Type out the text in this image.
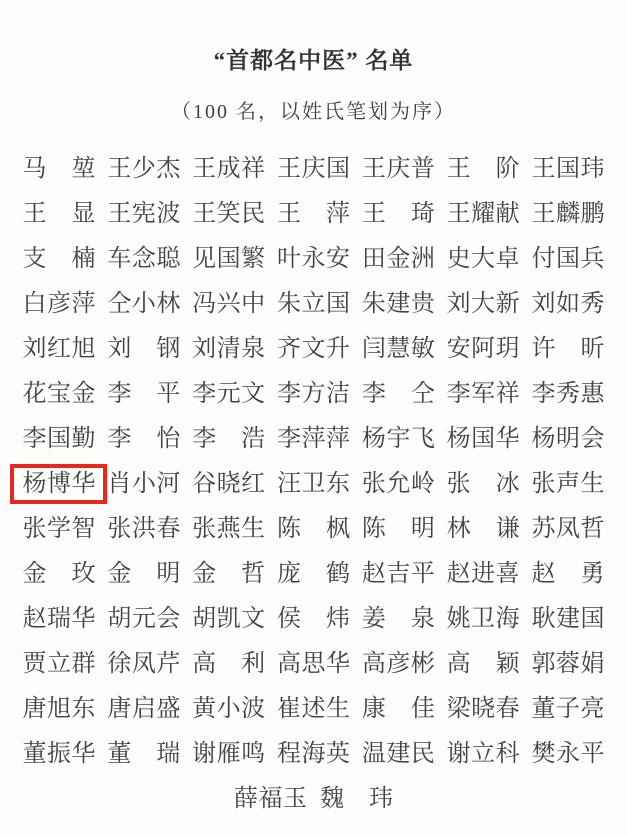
“首都名中医” 名单
（100 名，以姓氏笔划为序）
马 堃 王 少 杰 王 成 祥 王 庆 国 王 庆 普 王 阶 王 国 玮
王 显 王 宪 波 王 笑 民 王 萍 王 琦 王 耀 献 王 麟 鹏
支 楠 车 念 聪 见 国 繁 叶 永 安 田 金 洲 史 大 卓 付 国 兵
白 彦 萍 仝 小 林 冯 兴 中 朱 立 国 朱 建 贵 刘 大 新 刘 如 秀
刘 红 旭 刘 钢 刘 清 泉 齐 文 升 闫 慧 敏 安 阿 玥 许 昕
花 宝 金 李 平 李 元 文 李 方 洁 李 仝 李 军 祥 李 秀 惠
李 国 勤 李 怡 李 浩 李 萍 萍 杨 宇 飞 杨 国 华 杨 明 会
杨 博 华 肖 小 河 谷 晓 红 汪 卫 东 张 允 岭 张 冰 张 声 生
张 学 智 张 洪 春 张 燕 生 陈 枫 陈 明 林 谦 苏 凤 哲
金 玫 金 明 金 哲 庞 鹤 赵 吉 平 赵 进 喜 赵 勇
赵 瑞 华 胡 元 会 胡 凯 文 侯 炜 姜 泉 姚 卫 海 耿 建 国
贾 立 群 徐 凤 芹 高 利 高 思 华 高 彦 彬 高 颖 郭 蓉 娟
唐 旭 东 唐 启 盛 黄 小 波 崔 述 生 康 佳 梁 晓 春 董 子 亮
董 振 华 董 瑞 谢 雁 鸣 程 海 英 温 建 民 谢 立 科 樊 永 平
薛 福 玉 魏 玮
